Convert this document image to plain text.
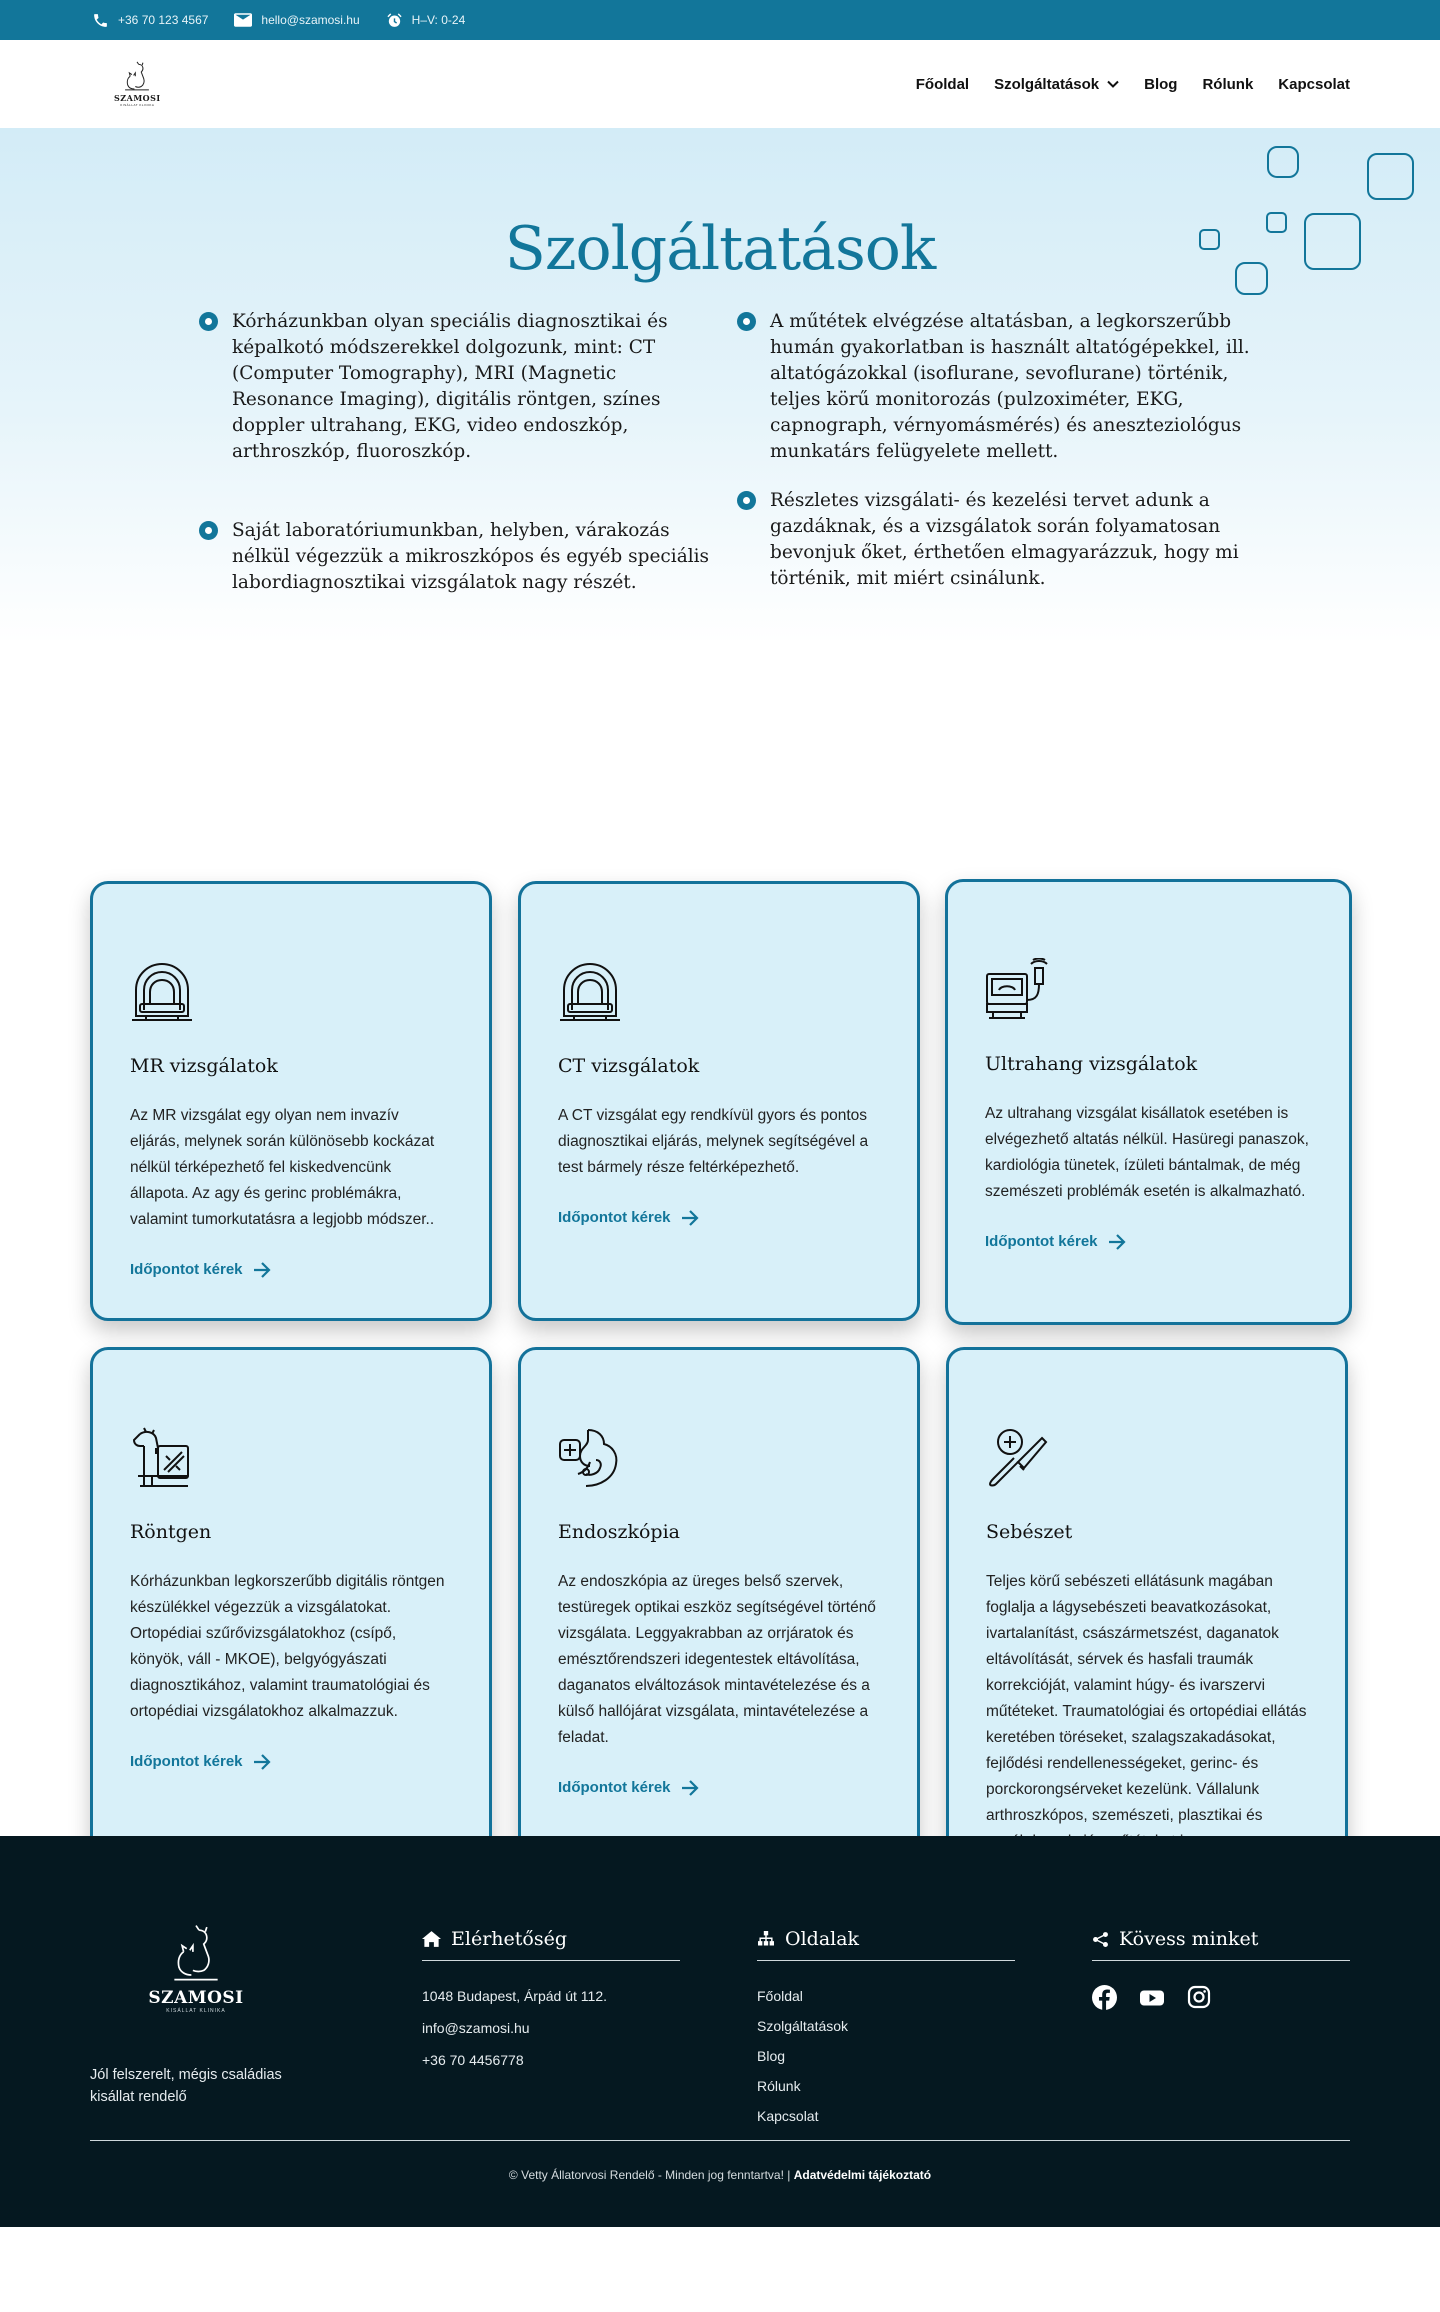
+36 70 123 4567	hello@szamosi.hu	H–V: 0-24
SZAMOSI
KISÁLLAT KLINIKA
Főoldal Szolgáltatások	Blog Rólunk Kapcsolat
Szolgáltatások
Kórházunkban olyan speciális diagnosztikai és képalkotó módszerekkel dolgozunk, mint: CT (Computer Tomography), MRI (Magnetic Resonance Imaging), digitális röntgen, színes doppler ultrahang, EKG, video endoszkóp, arthroszkóp, fluoroszkóp.
Saját laboratóriumunkban, helyben, várakozás nélkül végezzük a mikroszkópos és egyéb speciális labordiagnosztikai vizsgálatok nagy részét.
A műtétek elvégzése altatásban, a legkorszerűbb humán gyakorlatban is használt altatógépekkel, ill. altatógázokkal (isoflurane, sevoflurane) történik, teljes körű monitorozás (pulzoximéter, EKG, capnograph, vérnyomásmérés) és aneszteziológus munkatárs felügyelete mellett.
Részletes vizsgálati- és kezelési tervet adunk a gazdáknak, és a vizsgálatok során folyamatosan bevonjuk őket, érthetően elmagyarázzuk, hogy mi történik, mit miért csinálunk.
MR vizsgálatok

Az MR vizsgálat egy olyan nem invazív eljárás, melynek során különösebb kockázat nélkül térképezhető fel kiskedvencünk állapota. Az agy és gerinc problémákra, valamint tumorkutatásra a legjobb módszer..

Időpontot kérek
CT vizsgálatok

A CT vizsgálat egy rendkívül gyors és pontos diagnosztikai eljárás, melynek segítségével a test bármely része feltérképezhető.

Időpontot kérek
Ultrahang vizsgálatok

Az ultrahang vizsgálat kisállatok esetében is elvégezhető altatás nélkül. Hasüregi panaszok, kardiológia tünetek, ízületi bántalmak, de még szemészeti problémák esetén is alkalmazható.

Időpontot kérek
Röntgen

Kórházunkban legkorszerűbb digitális röntgen készülékkel végezzük a vizsgálatokat. Ortopédiai szűrővizsgálatokhoz (csípő, könyök, váll - MKOE), belgyógyászati diagnosztikához, valamint traumatológiai és ortopédiai vizsgálatokhoz alkalmazzuk.

Időpontot kérek
Endoszkópia

Az endoszkópia az üreges belső szervek, testüregek optikai eszköz segítségével történő vizsgálata. Leggyakrabban az orrjáratok és emésztőrendszeri idegentestek eltávolítása, daganatos elváltozások mintavételezése és a külső hallójárat vizsgálata, mintavételezése a feladat.

Időpontot kérek
Sebészet

Teljes körű sebészeti ellátásunk magában foglalja a lágysebészeti beavatkozásokat, ivartalanítást, császármetszést, daganatok eltávolítását, sérvek és hasfali traumák korrekcióját, valamint húgy- és ivarszervi műtéteket. Traumatológiai és ortopédiai ellátás keretében töréseket, szalagszakadásokat, fejlődési rendellenességeket, gerinc- és porckorongsérveket kezelünk. Vállalunk arthroszkópos, szemészeti, plasztikai és

SZAMOSI
KISÁLLAT KLINIKA
Jól felszerelt, mégis családias kisállat rendelő
Elérhetőség
1048 Budapest, Árpád út 112.
info@szamosi.hu
+36 70 4456778
Oldalak
Főoldal
Szolgáltatások
Blog
Rólunk
Kapcsolat
Kövess minket
© Vetty Állatorvosi Rendelő - Minden jog fenntartva! | Adatvédelmi tájékoztató
